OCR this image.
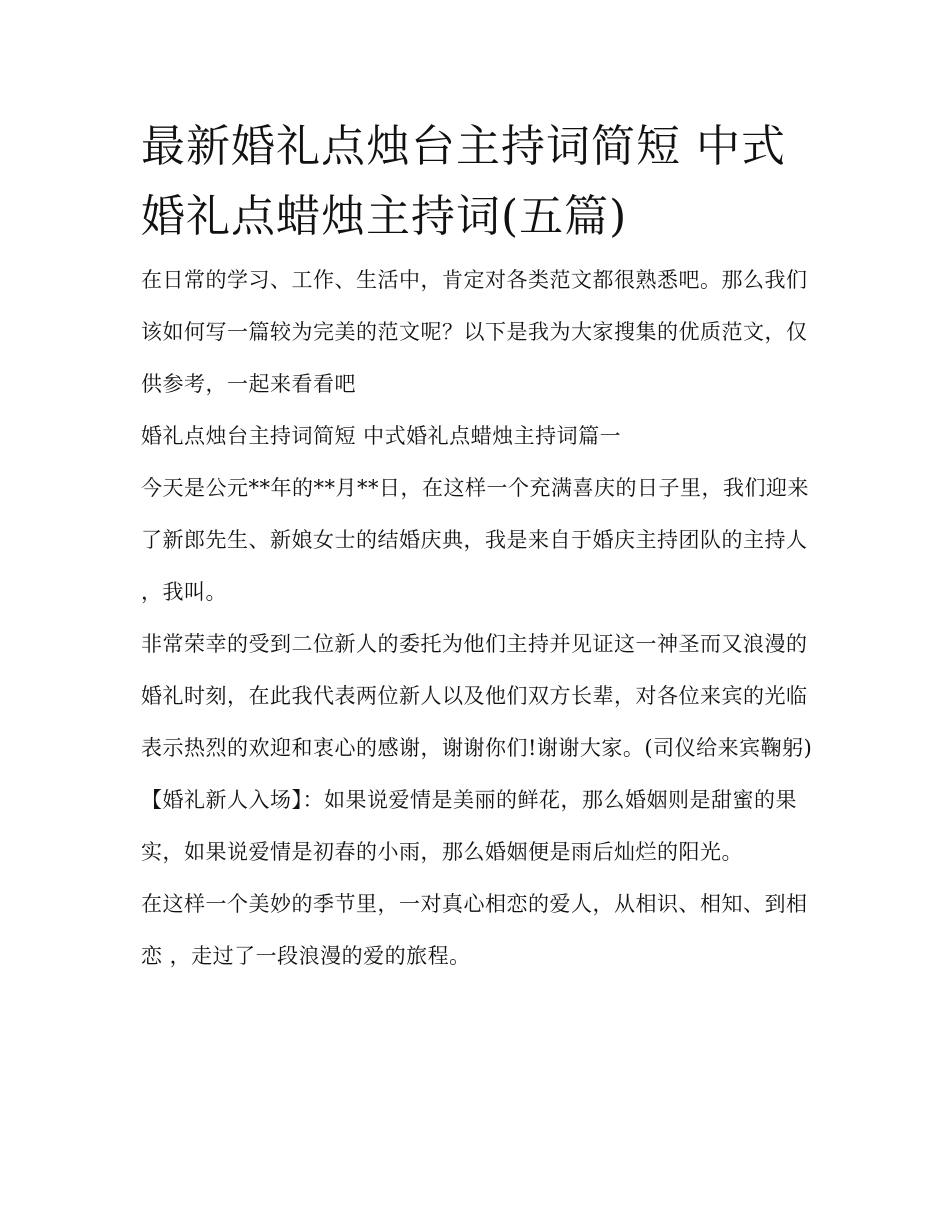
最新婚礼点烛台主持词简短 中式婚礼点蜡烛主持词(五篇)

在日常的学习、工作、生活中，肯定对各类范文都很熟悉吧。那么我们该如何写一篇较为完美的范文呢？以下是我为大家搜集的优质范文，仅供参考，一起来看看吧

婚礼点烛台主持词简短 中式婚礼点蜡烛主持词篇一

今天是公元**年的**月**日，在这样一个充满喜庆的日子里，我们迎来了新郎先生、新娘女士的结婚庆典，我是来自于婚庆主持团队的主持人 ，我叫。

非常荣幸的受到二位新人的委托为他们主持并见证这一神圣而又浪漫的婚礼时刻，在此我代表两位新人以及他们双方长辈，对各位来宾的光临表示热烈的欢迎和衷心的感谢，谢谢你们!谢谢大家。(司仪给来宾鞠躬)

【婚礼新人入场】：如果说爱情是美丽的鲜花，那么婚姻则是甜蜜的果实，如果说爱情是初春的小雨，那么婚姻便是雨后灿烂的阳光。

在这样一个美妙的季节里，一对真心相恋的爱人，从相识、相知、到相恋 ，走过了一段浪漫的爱的旅程。
